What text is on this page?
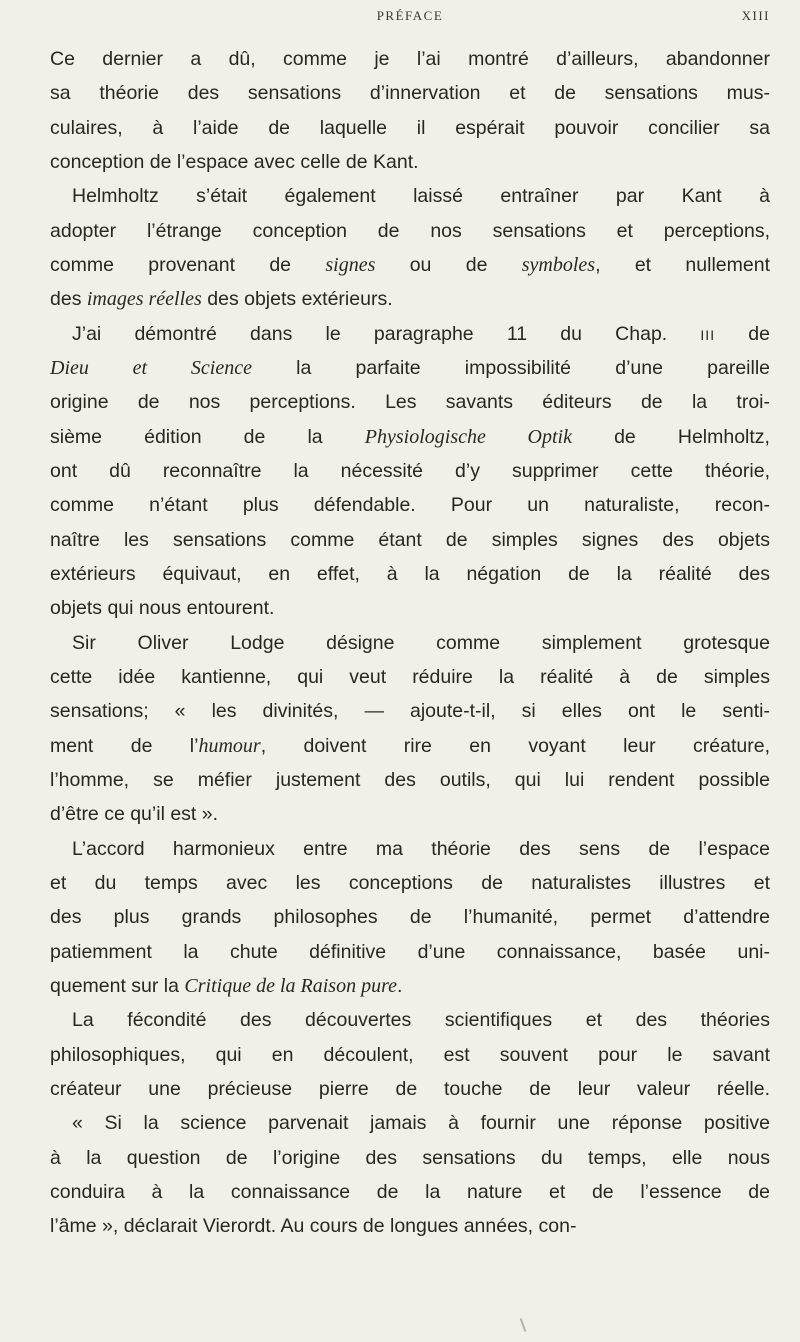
PRÉFACE	XIII
Ce dernier a dû, comme je l’ai montré d’ailleurs, abandonner
sa théorie des sensations d’innervation et de sensations mus-
culaires, à l’aide de laquelle il espérait pouvoir concilier sa
conception de l’espace avec celle de Kant.
Helmholtz s’était également laissé entraîner par Kant à
adopter l’étrange conception de nos sensations et perceptions,
comme provenant de signes ou de symboles, et nullement
des images réelles des objets extérieurs.
J’ai démontré dans le paragraphe 11 du Chap. III de
Dieu et Science la parfaite impossibilité d’une pareille
origine de nos perceptions. Les savants éditeurs de la troi-
sième édition de la Physiologische Optik de Helmholtz,
ont dû reconnaître la nécessité d’y supprimer cette théorie,
comme n’étant plus défendable. Pour un naturaliste, recon-
naître les sensations comme étant de simples signes des objets
extérieurs équivaut, en effet, à la négation de la réalité des
objets qui nous entourent.
Sir Oliver Lodge désigne comme simplement grotesque
cette idée kantienne, qui veut réduire la réalité à de simples
sensations; « les divinités, — ajoute-t-il, si elles ont le senti-
ment de l’humour, doivent rire en voyant leur créature,
l’homme, se méfier justement des outils, qui lui rendent possible
d’être ce qu’il est ».
L’accord harmonieux entre ma théorie des sens de l’espace
et du temps avec les conceptions de naturalistes illustres et
des plus grands philosophes de l’humanité, permet d’attendre
patiemment la chute définitive d’une connaissance, basée uni-
quement sur la Critique de la Raison pure.
La fécondité des découvertes scientifiques et des théories
philosophiques, qui en découlent, est souvent pour le savant
créateur une précieuse pierre de touche de leur valeur réelle.
« Si la science parvenait jamais à fournir une réponse positive
à la question de l’origine des sensations du temps, elle nous
conduira à la connaissance de la nature et de l’essence de
l’âme », déclarait Vierordt. Au cours de longues années, con-
